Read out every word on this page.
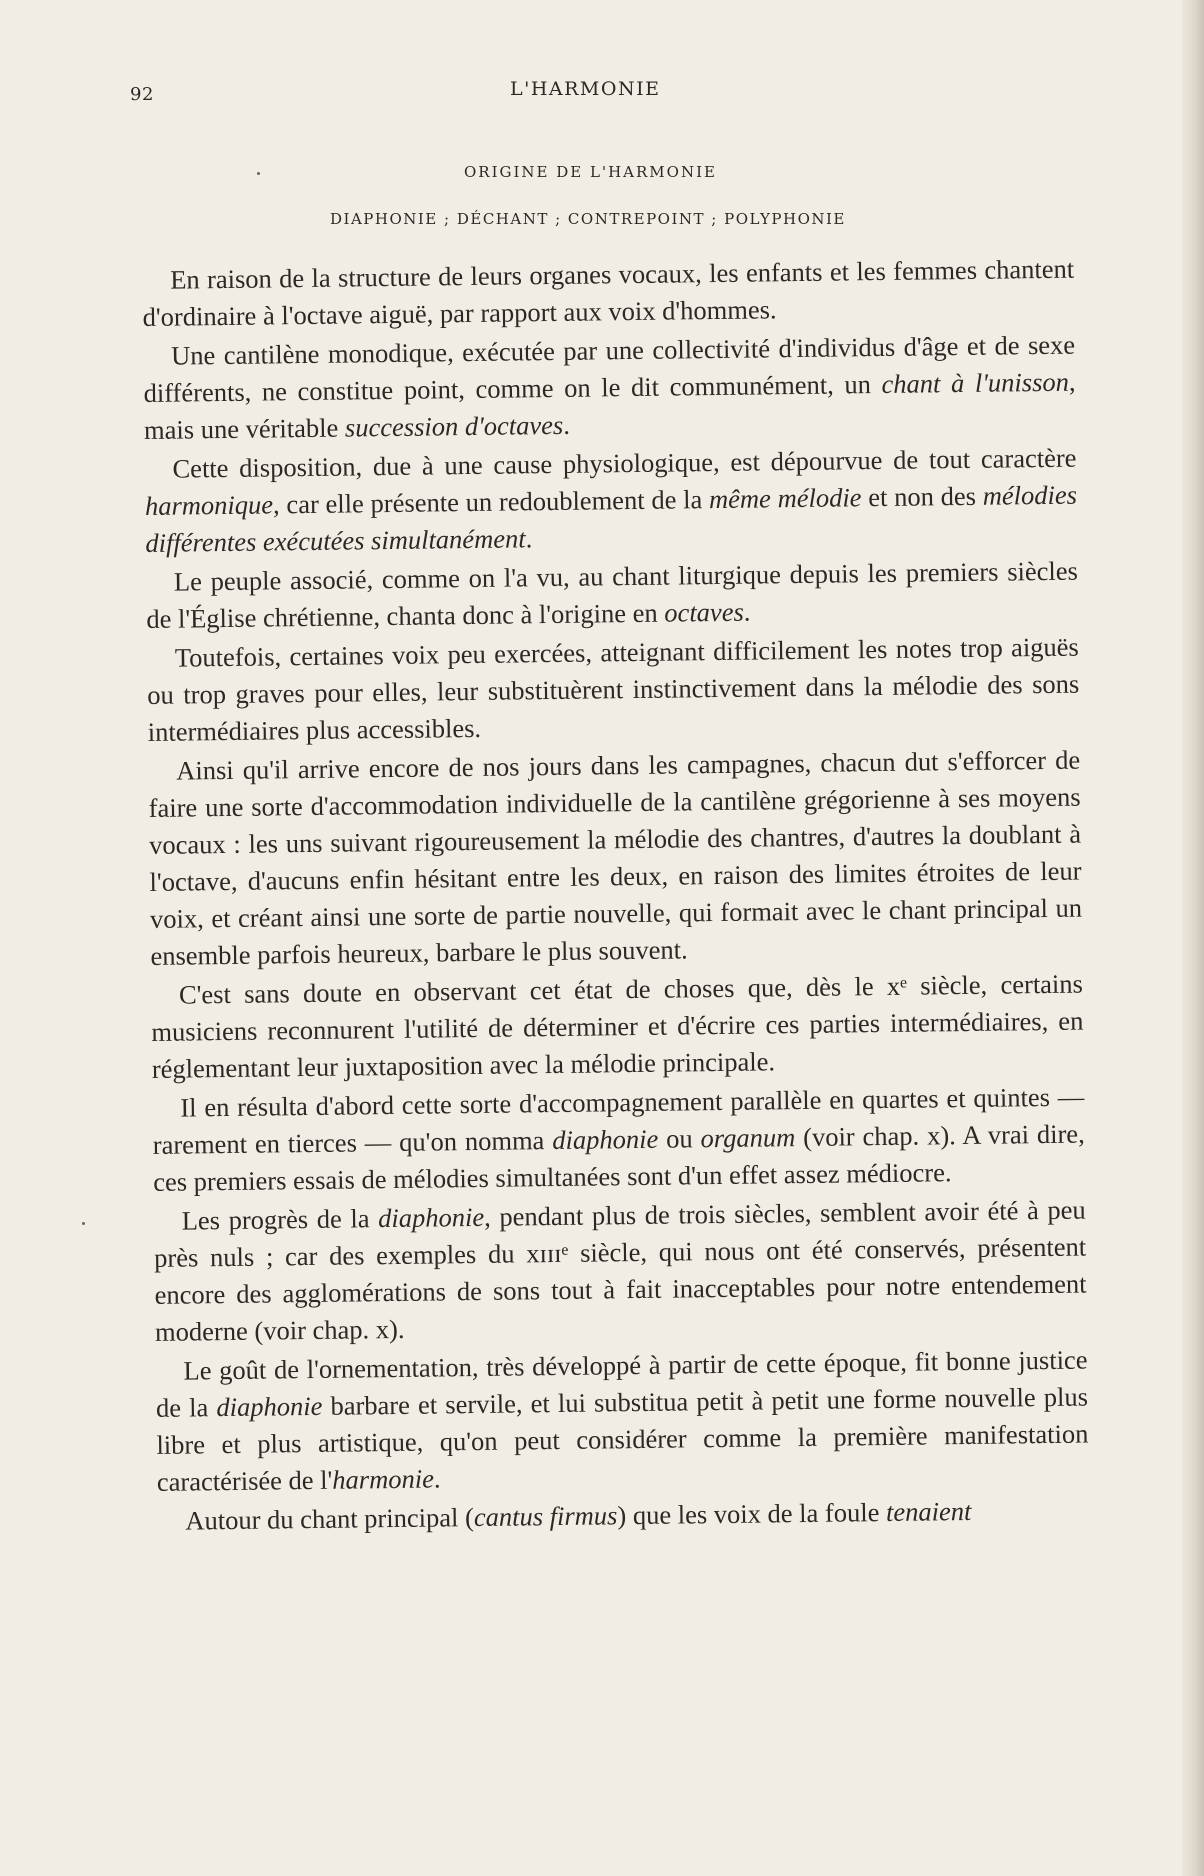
92	L'HARMONIE
ORIGINE DE L'HARMONIE
DIAPHONIE ; DÉCHANT ; CONTREPOINT ; POLYPHONIE

En raison de la structure de leurs organes vocaux, les enfants et les femmes chantent d'ordinaire à l'octave aiguë, par rapport aux voix d'hommes.

Une cantilène monodique, exécutée par une collectivité d'individus d'âge et de sexe différents, ne constitue point, comme on le dit communément, un chant à l'unisson, mais une véritable succession d'octaves.

Cette disposition, due à une cause physiologique, est dépourvue de tout caractère harmonique, car elle présente un redoublement de la même mélodie et non des mélodies différentes exécutées simultanément.

Le peuple associé, comme on l'a vu, au chant liturgique depuis les premiers siècles de l'Église chrétienne, chanta donc à l'origine en octaves.

Toutefois, certaines voix peu exercées, atteignant difficilement les notes trop aiguës ou trop graves pour elles, leur substituèrent instinctivement dans la mélodie des sons intermédiaires plus accessibles.

Ainsi qu'il arrive encore de nos jours dans les campagnes, chacun dut s'efforcer de faire une sorte d'accommodation individuelle de la cantilène grégorienne à ses moyens vocaux : les uns suivant rigoureusement la mélodie des chantres, d'autres la doublant à l'octave, d'aucuns enfin hésitant entre les deux, en raison des limites étroites de leur voix, et créant ainsi une sorte de partie nouvelle, qui formait avec le chant principal un ensemble parfois heureux, barbare le plus souvent.

C'est sans doute en observant cet état de choses que, dès le xᵉ siècle, certains musiciens reconnurent l'utilité de déterminer et d'écrire ces parties intermédiaires, en réglementant leur juxtaposition avec la mélodie principale.

Il en résulta d'abord cette sorte d'accompagnement parallèle en quartes et quintes — rarement en tierces — qu'on nomma diaphonie ou organum (voir chap. x). A vrai dire, ces premiers essais de mélodies simultanées sont d'un effet assez médiocre.

Les progrès de la diaphonie, pendant plus de trois siècles, semblent avoir été à peu près nuls ; car des exemples du xɪɪɪᵉ siècle, qui nous ont été conservés, présentent encore des agglomérations de sons tout à fait inacceptables pour notre entendement moderne (voir chap. x).

Le goût de l'ornementation, très développé à partir de cette époque, fit bonne justice de la diaphonie barbare et servile, et lui substitua petit à petit une forme nouvelle plus libre et plus artistique, qu'on peut considérer comme la première manifestation caractérisée de l'harmonie.

Autour du chant principal (cantus firmus) que les voix de la foule tenaient
